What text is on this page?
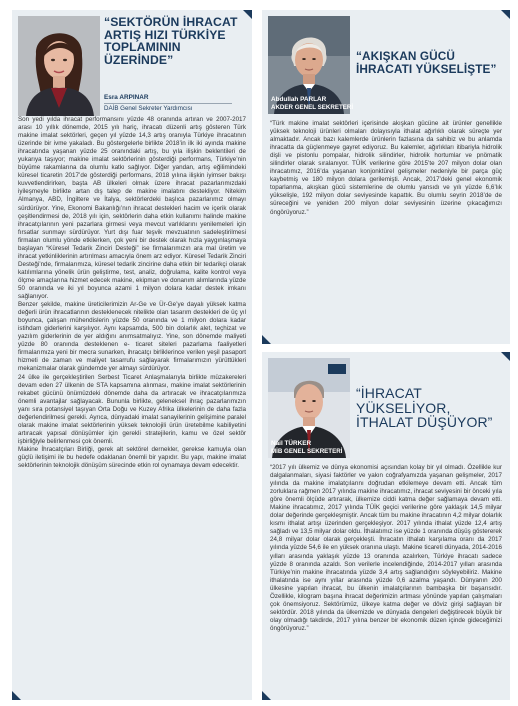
“SEKTÖRÜN İHRACAT ARTIŞ HIZI TÜRKİYE TOPLAMININ ÜZERİNDE”
Esra ARPINAR
DAİB Genel Sekreter Yardımcısı
Son yedi yılda ihracat performansını yüzde 48 oranında artıran ve 2007-2017 arası 10 yıllık dönemde, 2015 yılı hariç, ihracatı düzenli artış gösteren Türk makine imalat sektörleri, geçen yıl yüzde 14,3 artış oranıyla Türkiye ihracatının üzerinde bir ivme yakaladı. Bu göstergelerle birlikte 2018’in ilk iki ayında makine ihracatında yaşanan yüzde 25 oranındaki artış, bu yıla ilişkin beklentileri de yukarıya taşıyor; makine imalat sektörlerinin gösterdiği performans, Türkiye’nin büyüme rakamlarına da olumlu katkı sağlıyor. Diğer yandan, artış eğilimindeki küresel ticaretin 2017’de gösterdiği performans, 2018 yılına ilişkin iyimser bakışı kuvvetlendirirken, başta AB ülkeleri olmak üzere ihracat pazarlarımızdaki iyileşmeyle birlikte artan dış talep de makine imalatını destekliyor. Nitekim Almanya, ABD, İngiltere ve İtalya, sektörlerdeki başlıca pazarlarımız olmayı sürdürüyor. Yine, Ekonomi Bakanlığı’nın ihracat destekleri hacim ve içerik olarak çeşitlendirmesi de, 2018 yılı için, sektörlerin daha etkin kullanımı halinde makine ihracatçılarının yeni pazarlara girmesi veya mevcut varlıklarını yenilemeleri için fırsatlar sunmayı sürdürüyor. Yurt dışı fuar teşvik mevzuatının sadeleştirilmesi firmaları olumlu yönde etkilerken, çok yeni bir destek olarak hızla yaygınlaşmaya başlayan “Küresel Tedarik Zinciri Desteği” ise firmalarımızın ara mal üretim ve ihracat yetkinliklerinin artırılması amacıyla önem arz ediyor. Küresel Tedarik Zinciri Desteği’nde, firmalarımıza, küresel tedarik zincirine daha etkin bir tedarikçi olarak katılımlarına yönelik ürün geliştirme, test, analiz, doğrulama, kalite kontrol veya ölçme amaçlarına hizmet edecek makine, ekipman ve donanım alımlarında yüzde 50 oranında ve iki yıl boyunca azami 1 milyon dolara kadar destek imkanı sağlanıyor.
Benzer şekilde, makine üreticilerimizin Ar-Ge ve Ür-Ge’ye dayalı yüksek katma değerli ürün ihracatlarının desteklenecek nitelikte olan tasarım destekleri de üç yıl boyunca, çalışan mühendislerin yüzde 50 oranında ve 1 milyon dolara kadar istihdam giderlerini karşılıyor. Aynı kapsamda, 500 bin dolarlık alet, teçhizat ve yazılım giderlerinin de yer aldığını anımsatmalıyız. Yine, son dönemde maliyeti yüzde 80 oranında desteklenen e- ticaret siteleri pazarlama faaliyetleri firmalarımıza yeni bir mecra sunarken, ihracatçı birliklerince verilen yeşil pasaport hizmeti de zaman ve maliyet tasarrufu sağlayarak firmalarımızın yürüttükleri mekanizmalar olarak gündemde yer almayı sürdürüyor.
24 ülke ile gerçekleştirilen Serbest Ticaret Anlaşmalarıyla birlikte müzakereleri devam eden 27 ülkenin de STA kapsamına alınması, makine imalat sektörlerinin rekabet gücünü önümüzdeki dönemde daha da artıracak ve ihracatçılarımıza önemli avantajlar sağlayacak. Bununla birlikte, geleneksel ihraç pazarlarımızın yanı sıra potansiyel taşıyan Orta Doğu ve Kuzey Afrika ülkelerinin de daha fazla değerlendirilmesi gerekli. Ayrıca, dünyadaki imalat sanayilerinin gelişimine paralel olarak makine imalat sektörlerinin yüksek teknolojili ürün üretebilme kabiliyetini artıracak yapısal dönüşümler için gerekli stratejilerin, kamu ve özel sektör işbirliğiyle belirlenmesi çok önemli.
Makine İhracatçıları Birliği, gerek alt sektörel dernekler, gerekse kamuyla olan güçlü iletişimi ile bu hedefe odaklanan önemli bir yapıdır. Bu yapı, makine imalat sektörlerinin teknolojik dönüşüm sürecinde etkin rol oynamaya devam edecektir.
“AKIŞKAN GÜCÜ İHRACATI YÜKSELİŞTE”
Abdullah PARLAR
AKDER GENEL SEKRETERİ
“Türk makine imalat sektörleri içerisinde akışkan gücüne ait ürünler genellikle yüksek teknoloji ürünleri olmaları dolayısıyla ithalat ağırlıklı olarak süreçte yer almaktadır. Ancak bazı kalemlerde ürünlerin fazlasına da sahibiz ve bu anlamda ihracatta da güçlenmeye gayret ediyoruz. Bu kalemler, ağırlıkları itibariyla hidrolik dişli ve pistonlu pompalar, hidrolik silindirler, hidrolik hortumlar ve pnömatik silindirler olarak sıralanıyor. TÜİK verilerine göre 2015’te 207 milyon dolar olan ihracatımız, 2016’da yaşanan konjonktürel gelişmeler nedeniyle bir parça güç kaybetmiş ve 180 milyon dolara gerilemişti. Ancak, 2017’deki genel ekonomik toparlanma, akışkan gücü sistemlerine de olumlu yansıdı ve yılı yüzde 6,6’lık yükselişle, 192 milyon dolar seviyesinde kapattık. Bu olumlu seyrin 2018’de de süreceğini ve yeniden 200 milyon dolar seviyesinin üzerine çıkacağımızı öngörüyoruz.”
“İHRACAT YÜKSELİYOR, İTHALAT DÜŞÜYOR”
Nail TÜRKER
MİB GENEL SEKRETERİ
“2017 yılı ülkemiz ve dünya ekonomisi açısından kolay bir yıl olmadı. Özellikle kur dalgalanmaları, siyasi faktörler ve yakın coğrafyamızda yaşanan gelişmeler, 2017 yılında da makine imalatçılarını doğrudan etkilemeye devam etti. Ancak tüm zorluklara rağmen 2017 yılında makine ihracatımız, ihracat seviyesini bir önceki yıla göre önemli ölçüde artırarak, ülkemize ciddi katma değer sağlamaya devam etti. Makine ihracatımız, 2017 yılında TÜİK geçici verilerine göre yaklaşık 14,5 milyar dolar değerinde gerçekleşmiştir. Ancak tüm bu makine ihracatının 4,2 milyar dolarlık kısmı ithalat artışı üzerinden gerçekleşiyor. 2017 yılında ithalat yüzde 12,4 artış sağladı ve 13,5 milyar dolar oldu. İthalatımız ise yüzde 1 oranında düşüş göstererek 24,8 milyar dolar olarak gerçekleşti. İhracatın ithalatı karşılama oranı da 2017 yılında yüzde 54,6 ile en yüksek oranına ulaştı. Makine ticareti dünyada, 2014-2016 yılları arasında yaklaşık yüzde 13 oranında azalırken, Türkiye ihracatı sadece yüzde 8 oranında azaldı. Son verilerle incelendiğinde, 2014-2017 yılları arasında Türkiye’nin makine ihracatında yüzde 3,4 artış sağlandığını söyleyebiliriz. Makine ithalatında ise aynı yıllar arasında yüzde 0,6 azalma yaşandı. Dünyanın 200 ülkesine yapılan ihracat, bu ülkenin imalatçılarının bambaşka bir başarısıdır. Özellikle, kilogram başına ihracat değerimizin artması yönünde yapılan çalışmaları çok önemsiyoruz. Sektörümüz, ülkeye katma değer ve döviz girişi sağlayan bir sektördür. 2018 yılında da ülkemizde ve dünyada dengeleri değiştirecek büyük bir olay olmadığı takdirde, 2017 yılına benzer bir ekonomik düzen içinde gideceğimizi öngörüyoruz.”
